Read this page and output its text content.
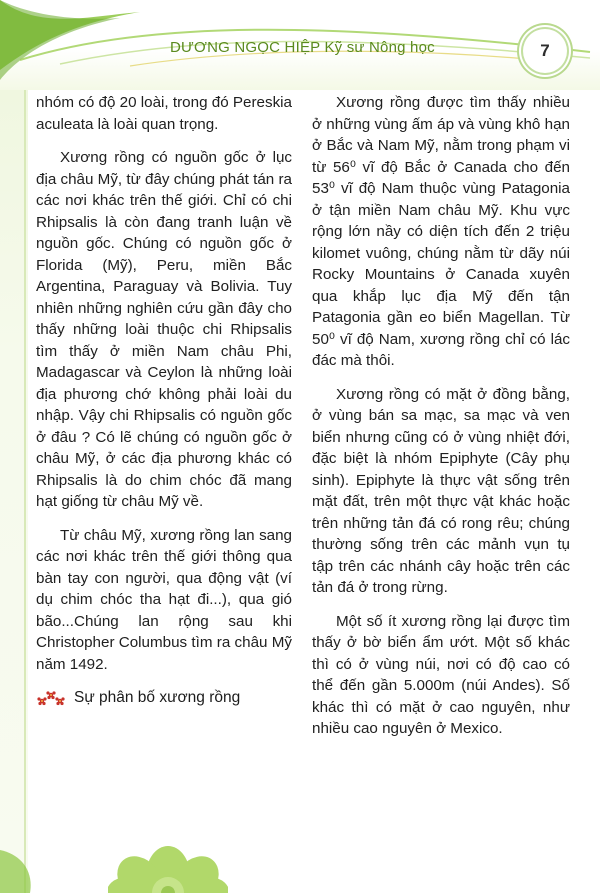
DƯƠNG NGỌC HIỆP Kỹ sư Nông học	7

nhóm có độ 20 loài, trong đó Pereskia aculeata là loài quan trọng.

Xương rồng có nguồn gốc ở lục địa châu Mỹ, từ đây chúng phát tán ra các nơi khác trên thế giới. Chỉ có chi Rhipsalis là còn đang tranh luận về nguồn gốc. Chúng có nguồn gốc ở Florida (Mỹ), Peru, miền Bắc Argentina, Paraguay và Bolivia. Tuy nhiên những nghiên cứu gần đây cho thấy những loài thuộc chi Rhipsalis tìm thấy ở miền Nam châu Phi, Madagascar và Ceylon là những loài địa phương chớ không phải loài du nhập. Vậy chi Rhipsalis có nguồn gốc ở đâu ? Có lẽ chúng có nguồn gốc ở châu Mỹ, ở các địa phương khác có Rhipsalis là do chim chóc đã mang hạt giống từ châu Mỹ về.

Từ châu Mỹ, xương rồng lan sang các nơi khác trên thế giới thông qua bàn tay con người, qua động vật (ví dụ chim chóc tha hạt đi...), qua gió bão...Chúng lan rộng sau khi Christopher Columbus tìm ra châu Mỹ năm 1492.

Sự phân bố xương rồng

Xương rồng được tìm thấy nhiều ở những vùng ấm áp và vùng khô hạn ở Bắc và Nam Mỹ, nằm trong phạm vi từ 56⁰ vĩ độ Bắc ở Canada cho đến 53⁰ vĩ độ Nam thuộc vùng Patagonia ở tận miền Nam châu Mỹ. Khu vực rộng lớn nầy có diện tích đến 2 triệu kilomet vuông, chúng nằm từ dãy núi Rocky Mountains ở Canada xuyên qua khắp lục địa Mỹ đến tận Patagonia gần eo biển Magellan. Từ 50⁰ vĩ độ Nam, xương rồng chỉ có lác đác mà thôi.

Xương rồng có mặt ở đồng bằng, ở vùng bán sa mạc, sa mạc và ven biển nhưng cũng có ở vùng nhiệt đới, đặc biệt là nhóm Epiphyte (Cây phụ sinh). Epiphyte là thực vật sống trên mặt đất, trên một thực vật khác hoặc trên những tản đá có rong rêu; chúng thường sống trên các mảnh vụn tụ tập trên các nhánh cây hoặc trên các tản đá ở trong rừng.

Một số ít xương rồng lại được tìm thấy ở bờ biển ẩm ướt. Một số khác thì có ở vùng núi, nơi có độ cao có thể đến gần 5.000m (núi Andes). Số khác thì có mặt ở cao nguyên, như nhiều cao nguyên ở Mexico.
